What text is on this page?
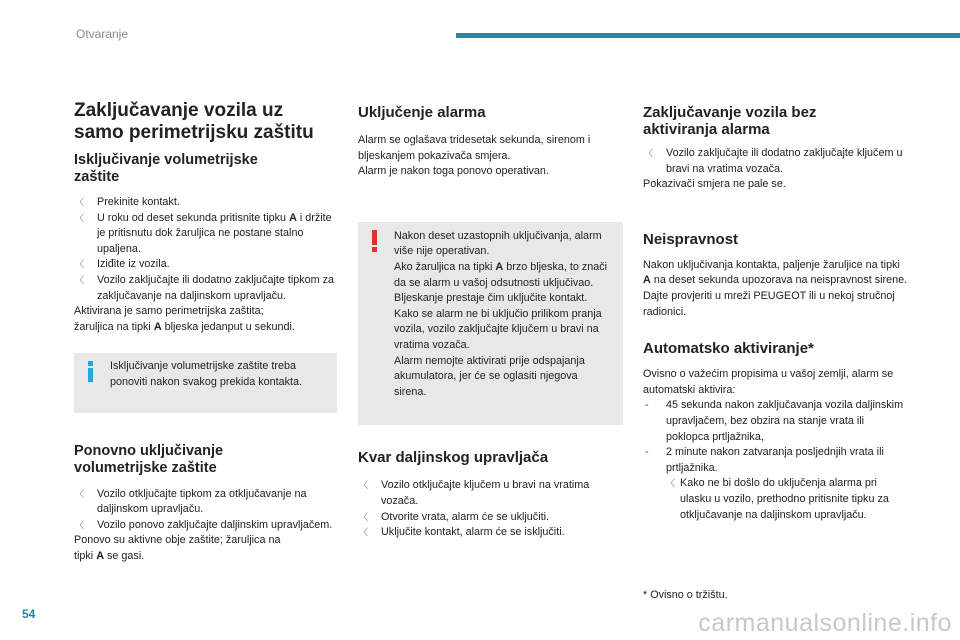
Otvaranje
Zaključavanje vozila uz
samo perimetrijsku zaštitu
Isključivanje volumetrijske
zaštite
〈 Prekinite kontakt.
〈 U roku od deset sekunda pritisnite tipku A i držite je pritisnutu dok žaruljica ne postane stalno upaljena.
〈 Iziđite iz vozila.
〈 Vozilo zaključajte ili dodatno zaključajte tipkom za zaključavanje na daljinskom upravljaču.

Aktivirana je samo perimetrijska zaštita;
žaruljica na tipki A bljeska jedanput u sekundi.

Isključivanje volumetrijske zaštite treba ponoviti nakon svakog prekida kontakta.

Ponovno uključivanje
volumetrijske zaštite
〈 Vozilo otključajte tipkom za otključavanje na daljinskom upravljaču.
〈 Vozilo ponovo zaključajte daljinskim upravljačem.

Ponovo su aktivne obje zaštite; žaruljica na
tipki A se gasi.

Uključenje alarma

Alarm se oglašava tridesetak sekunda, sirenom i bljeskanjem pokazivača smjera.
Alarm je nakon toga ponovo operativan.

Nakon deset uzastopnih uključivanja, alarm više nije operativan.
Ako žaruljica na tipki A brzo bljeska, to znači da se alarm u vašoj odsutnosti uključivao. Bljeskanje prestaje čim uključite kontakt.
Kako se alarm ne bi uključio prilikom pranja vozila, vozilo zaključajte ključem u bravi na vratima vozača.
Alarm nemojte aktivirati prije odspajanja akumulatora, jer će se oglasiti njegova sirena.

Kvar daljinskog upravljača
〈 Vozilo otključajte ključem u bravi na vratima vozača.
〈 Otvorite vrata, alarm će se uključiti.
〈 Uključite kontakt, alarm će se isključiti.
Zaključavanje vozila bez
aktiviranja alarma
〈 Vozilo zaključajte ili dodatno zaključajte ključem u bravi na vratima vozača.

Pokazivači smjera ne pale se.

Neispravnost

Nakon uključivanja kontakta, paljenje žaruljice na tipki A na deset sekunda upozorava na neispravnost sirene.
Dajte provjeriti u mreži PEUGEOT ili u nekoj stručnoj radionici.

Automatsko aktiviranje*

Ovisno o važećim propisima u vašoj zemlji, alarm se automatski aktivira:

- 45 sekunda nakon zaključavanja vozila daljinskim upravljačem, bez obzira na stanje vrata ili poklopca prtljažnika,
- 2 minute nakon zatvaranja posljednjih vrata ili prtljažnika.
〈 Kako ne bi došlo do uključenja alarma pri ulasku u vozilo, prethodno pritisnite tipku za otključavanje na daljinskom upravljaču.
* Ovisno o tržištu.
54	carmanualsonline.info
